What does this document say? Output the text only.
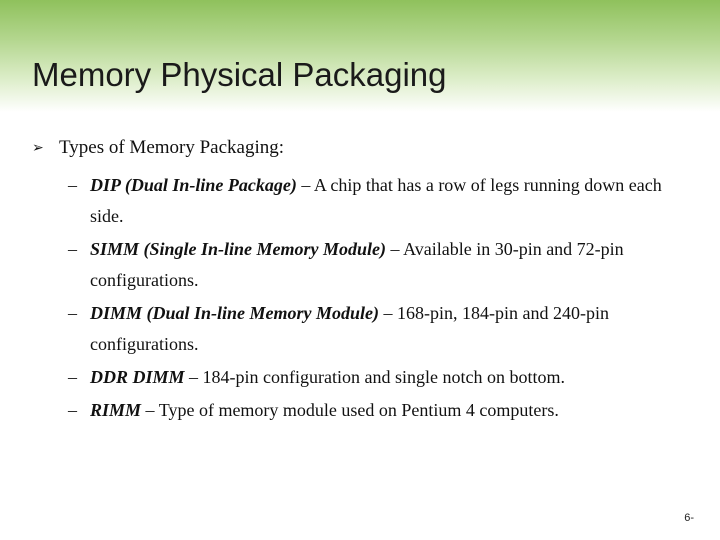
Memory Physical Packaging
➢ Types of Memory Packaging:
– DIP (Dual In-line Package) – A chip that has a row of legs running down each side.
– SIMM (Single In-line Memory Module) – Available in 30-pin and 72-pin configurations.
– DIMM (Dual In-line Memory Module) – 168-pin, 184-pin and 240-pin configurations.
– DDR DIMM – 184-pin configuration and single notch on bottom.
– RIMM – Type of memory module used on Pentium 4 computers.
6-
